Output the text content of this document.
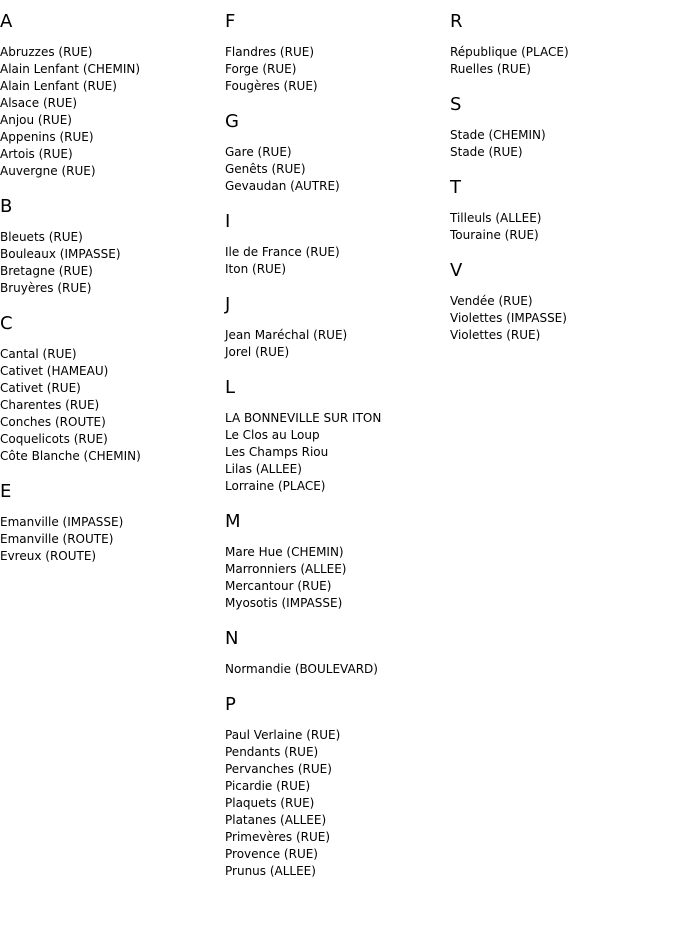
A
Abruzzes (RUE)
Alain Lenfant (CHEMIN)
Alain Lenfant (RUE)
Alsace (RUE)
Anjou (RUE)
Appenins (RUE)
Artois (RUE)
Auvergne (RUE)
B
Bleuets (RUE)
Bouleaux (IMPASSE)
Bretagne (RUE)
Bruyères (RUE)
C
Cantal (RUE)
Cativet (HAMEAU)
Cativet (RUE)
Charentes (RUE)
Conches (ROUTE)
Coquelicots (RUE)
Côte Blanche (CHEMIN)
E
Emanville (IMPASSE)
Emanville (ROUTE)
Evreux (ROUTE)
F
Flandres (RUE)
Forge (RUE)
Fougères (RUE)
G
Gare (RUE)
Genêts (RUE)
Gevaudan (AUTRE)
I
Ile de France (RUE)
Iton (RUE)
J
Jean Maréchal (RUE)
Jorel (RUE)
L
LA BONNEVILLE SUR ITON
Le Clos au Loup
Les Champs Riou
Lilas (ALLEE)
Lorraine (PLACE)
M
Mare Hue (CHEMIN)
Marronniers (ALLEE)
Mercantour (RUE)
Myosotis (IMPASSE)
N
Normandie (BOULEVARD)
P
Paul Verlaine (RUE)
Pendants (RUE)
Pervanches (RUE)
Picardie (RUE)
Plaquets (RUE)
Platanes (ALLEE)
Primevères (RUE)
Provence (RUE)
Prunus (ALLEE)
R
République (PLACE)
Ruelles (RUE)
S
Stade (CHEMIN)
Stade (RUE)
T
Tilleuls (ALLEE)
Touraine (RUE)
V
Vendée (RUE)
Violettes (IMPASSE)
Violettes (RUE)
